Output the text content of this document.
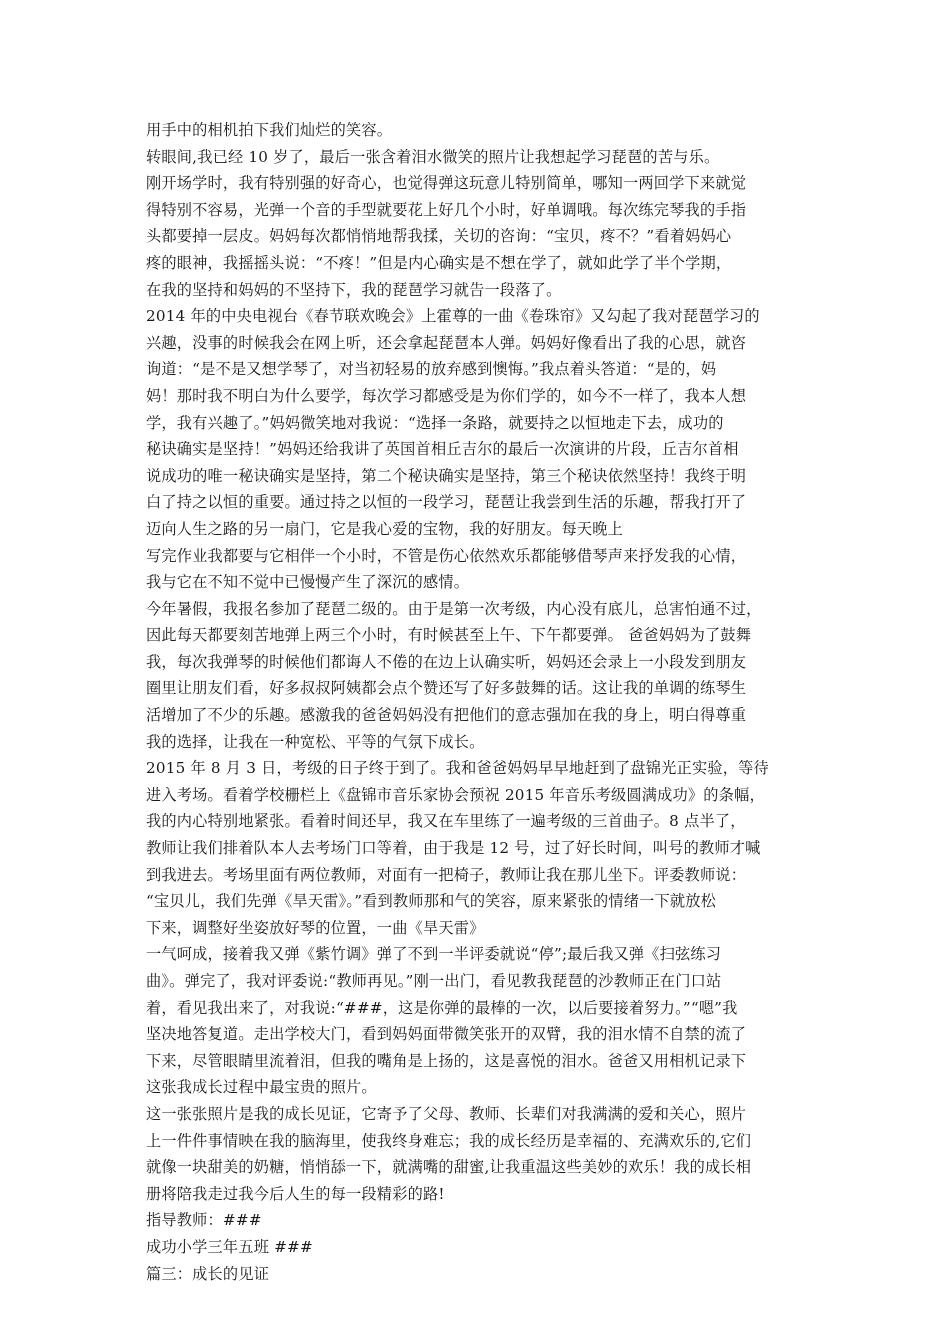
用手中的相机拍下我们灿烂的笑容。
转眼间,我已经 10 岁了，最后一张含着泪水微笑的照片让我想起学习琵琶的苦与乐。
刚开场学时，我有特别强的好奇心，也觉得弹这玩意儿特别简单，哪知一两回学下来就觉
得特别不容易，光弹一个音的手型就要花上好几个小时，好单调哦。每次练完琴我的手指
头都要掉一层皮。妈妈每次都悄悄地帮我揉，关切的咨询：“宝贝，疼不？”看着妈妈心
疼的眼神，我摇摇头说：“不疼！”但是内心确实是不想在学了，就如此学了半个学期，
在我的坚持和妈妈的不坚持下，我的琵琶学习就告一段落了。
2014 年的中央电视台《春节联欢晚会》上霍尊的一曲《卷珠帘》又勾起了我对琵琶学习的
兴趣，没事的时候我会在网上听，还会拿起琵琶本人弹。妈妈好像看出了我的心思，就咨
询道：“是不是又想学琴了，对当初轻易的放弃感到懊悔。”我点着头答道：“是的，妈
妈！那时我不明白为什么要学，每次学习都感受是为你们学的，如今不一样了，我本人想
学，我有兴趣了。”妈妈微笑地对我说：“选择一条路，就要持之以恒地走下去，成功的
秘诀确实是坚持！”妈妈还给我讲了英国首相丘吉尔的最后一次演讲的片段，丘吉尔首相
说成功的唯一秘诀确实是坚持，第二个秘诀确实是坚持，第三个秘诀依然坚持！我终于明
白了持之以恒的重要。通过持之以恒的一段学习，琵琶让我尝到生活的乐趣，帮我打开了
迈向人生之路的另一扇门，它是我心爱的宝物，我的好朋友。每天晚上
写完作业我都要与它相伴一个小时，不管是伤心依然欢乐都能够借琴声来抒发我的心情，
我与它在不知不觉中已慢慢产生了深沉的感情。
今年暑假，我报名参加了琵琶二级的。由于是第一次考级，内心没有底儿，总害怕通不过，
因此每天都要刻苦地弹上两三个小时，有时候甚至上午、下午都要弹。 爸爸妈妈为了鼓舞
我，每次我弹琴的时候他们都诲人不倦的在边上认确实听，妈妈还会录上一小段发到朋友
圈里让朋友们看，好多叔叔阿姨都会点个赞还写了好多鼓舞的话。这让我的单调的练琴生
活增加了不少的乐趣。感激我的爸爸妈妈没有把他们的意志强加在我的身上，明白得尊重
我的选择，让我在一种宽松、平等的气氛下成长。
2015 年 8 月 3 日，考级的日子终于到了。我和爸爸妈妈早早地赶到了盘锦光正实验，等待
进入考场。看着学校栅栏上《盘锦市音乐家协会预祝 2015 年音乐考级圆满成功》的条幅，
我的内心特别地紧张。看着时间还早，我又在车里练了一遍考级的三首曲子。8 点半了，
教师让我们排着队本人去考场门口等着，由于我是 12 号，过了好长时间，叫号的教师才喊
到我进去。考场里面有两位教师，对面有一把椅子，教师让我在那儿坐下。评委教师说：
“宝贝儿，我们先弹《旱天雷》。”看到教师那和气的笑容，原来紧张的情绪一下就放松
下来，调整好坐姿放好琴的位置，一曲《旱天雷》
一气呵成，接着我又弹《紫竹调》弹了不到一半评委就说“停”;最后我又弹《扫弦练习
曲》。弹完了，我对评委说:“教师再见。”刚一出门，看见教我琵琶的沙教师正在门口站
着，看见我出来了，对我说:“###，这是你弹的最棒的一次，以后要接着努力。”“嗯”我
坚决地答复道。走出学校大门，看到妈妈面带微笑张开的双臂，我的泪水情不自禁的流了
下来，尽管眼睛里流着泪，但我的嘴角是上扬的，这是喜悦的泪水。爸爸又用相机记录下
这张我成长过程中最宝贵的照片。
这一张张照片是我的成长见证，它寄予了父母、教师、长辈们对我满满的爱和关心，照片
上一件件事情映在我的脑海里，使我终身难忘；我的成长经历是幸福的、充满欢乐的,它们
就像一块甜美的奶糖，悄悄舔一下，就满嘴的甜蜜,让我重温这些美妙的欢乐！我的成长相
册将陪我走过我今后人生的每一段精彩的路!
指导教师：###
成功小学三年五班 ###
篇三：成长的见证
